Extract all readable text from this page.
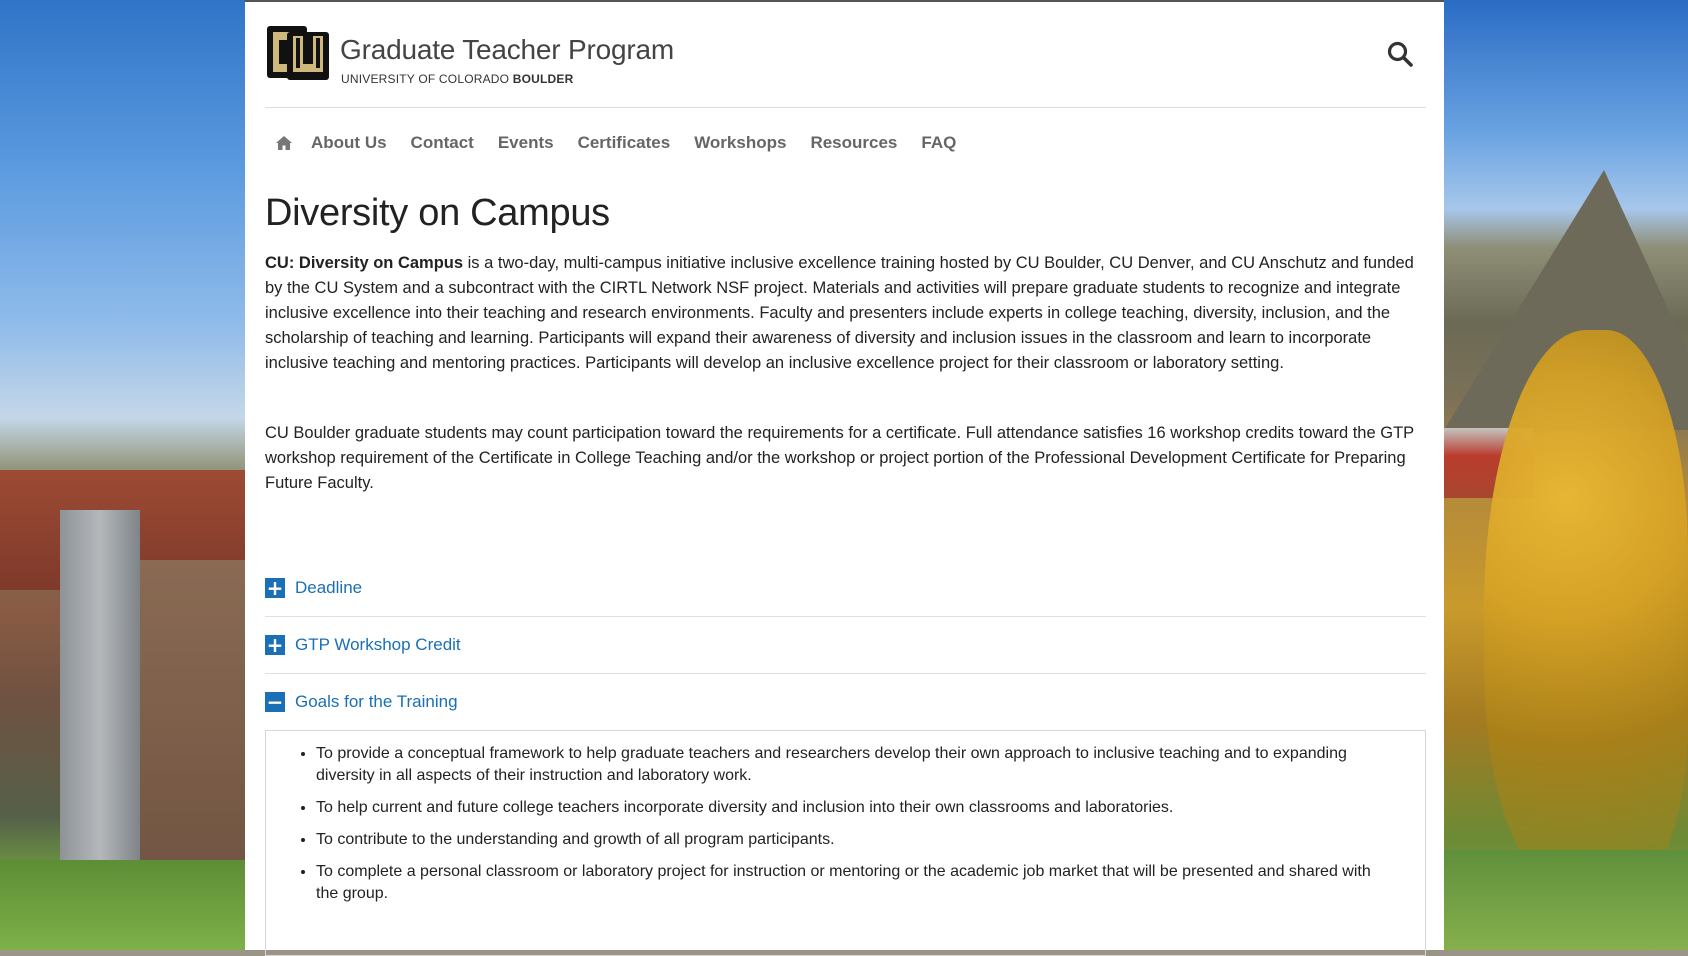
Graduate Teacher Program
UNIVERSITY OF COLORADO BOULDER
About Us Contact Events Certificates Workshops Resources FAQ
Diversity on Campus

CU: Diversity on Campus is a two-day, multi-campus initiative inclusive excellence training hosted by CU Boulder, CU Denver, and CU Anschutz and funded by the CU System and a subcontract with the CIRTL Network NSF project. Materials and activities will prepare graduate students to recognize and integrate inclusive excellence into their teaching and research environments. Faculty and presenters include experts in college teaching, diversity, inclusion, and the scholarship of teaching and learning. Participants will expand their awareness of diversity and inclusion issues in the classroom and learn to incorporate inclusive teaching and mentoring practices. Participants will develop an inclusive excellence project for their classroom or laboratory setting.

CU Boulder graduate students may count participation toward the requirements for a certificate. Full attendance satisfies 16 workshop credits toward the GTP workshop requirement of the Certificate in College Teaching and/or the workshop or project portion of the Professional Development Certificate for Preparing Future Faculty.

+ Deadline
+ GTP Workshop Credit
− Goals for the Training
• To provide a conceptual framework to help graduate teachers and researchers develop their own approach to inclusive teaching and to expanding diversity in all aspects of their instruction and laboratory work.
• To help current and future college teachers incorporate diversity and inclusion into their own classrooms and laboratories.
• To contribute to the understanding and growth of all program participants.
• To complete a personal classroom or laboratory project for instruction or mentoring or the academic job market that will be presented and shared with the group.
